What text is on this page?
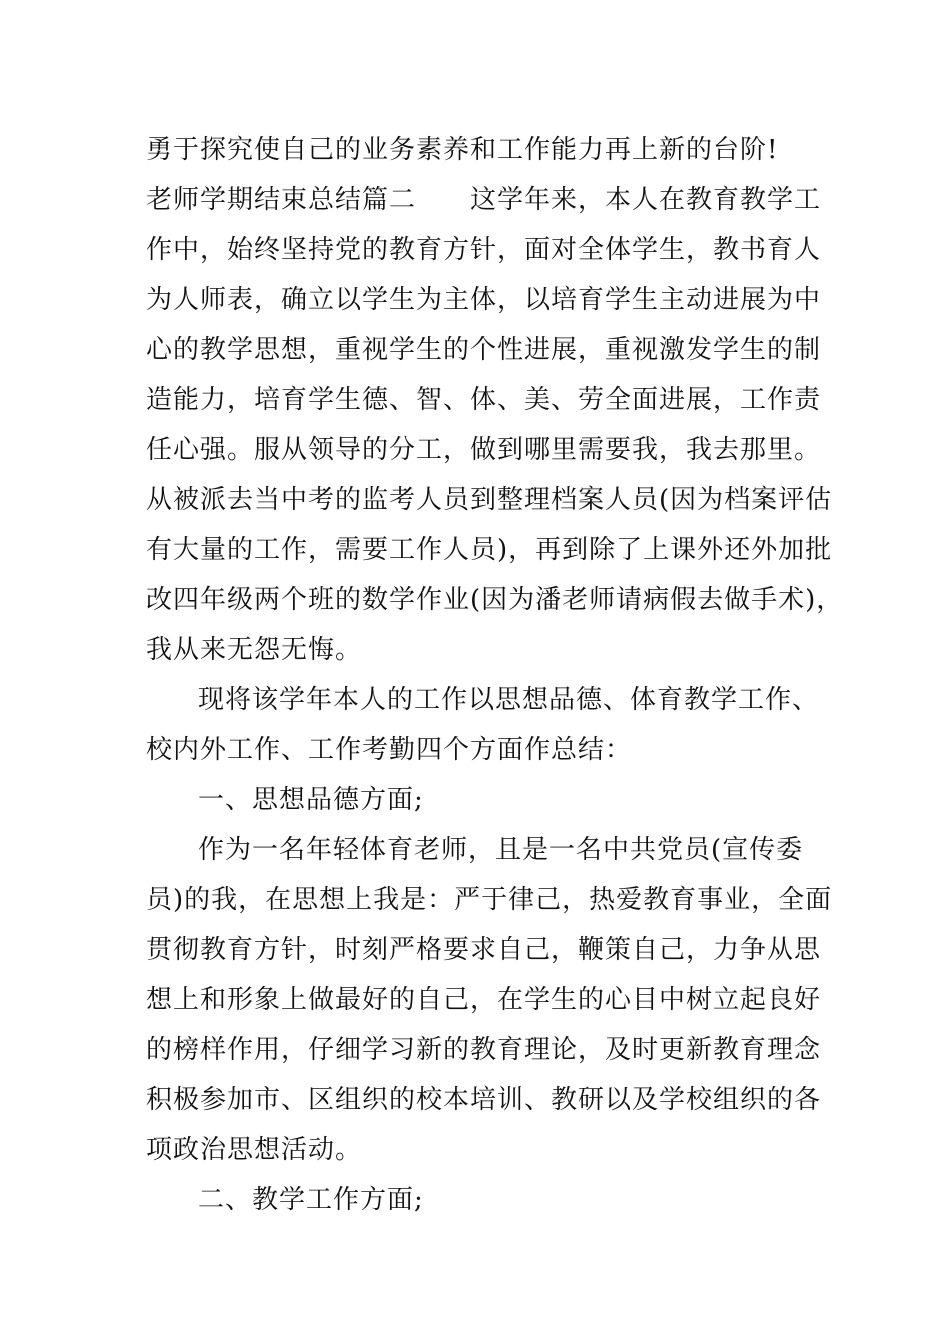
勇于探究使自己的业务素养和工作能力再上新的台阶!
老师学期结束总结篇二　　这学年来，本人在教育教学工
作中，始终坚持党的教育方针，面对全体学生，教书育人
为人师表，确立以学生为主体，以培育学生主动进展为中
心的教学思想，重视学生的个性进展，重视激发学生的制
造能力，培育学生德、智、体、美、劳全面进展，工作责
任心强。服从领导的分工，做到哪里需要我，我去那里。
从被派去当中考的监考人员到整理档案人员(因为档案评估
有大量的工作，需要工作人员)，再到除了上课外还外加批
改四年级两个班的数学作业(因为潘老师请病假去做手术)，
我从来无怨无悔。
现将该学年本人的工作以思想品德、体育教学工作、
校内外工作、工作考勤四个方面作总结：
一、思想品德方面;
作为一名年轻体育老师，且是一名中共党员(宣传委
员)的我，在思想上我是：严于律己，热爱教育事业，全面
贯彻教育方针，时刻严格要求自己，鞭策自己，力争从思
想上和形象上做最好的自己，在学生的心目中树立起良好
的榜样作用，仔细学习新的教育理论，及时更新教育理念
积极参加市、区组织的校本培训、教研以及学校组织的各
项政治思想活动。
二、教学工作方面;
